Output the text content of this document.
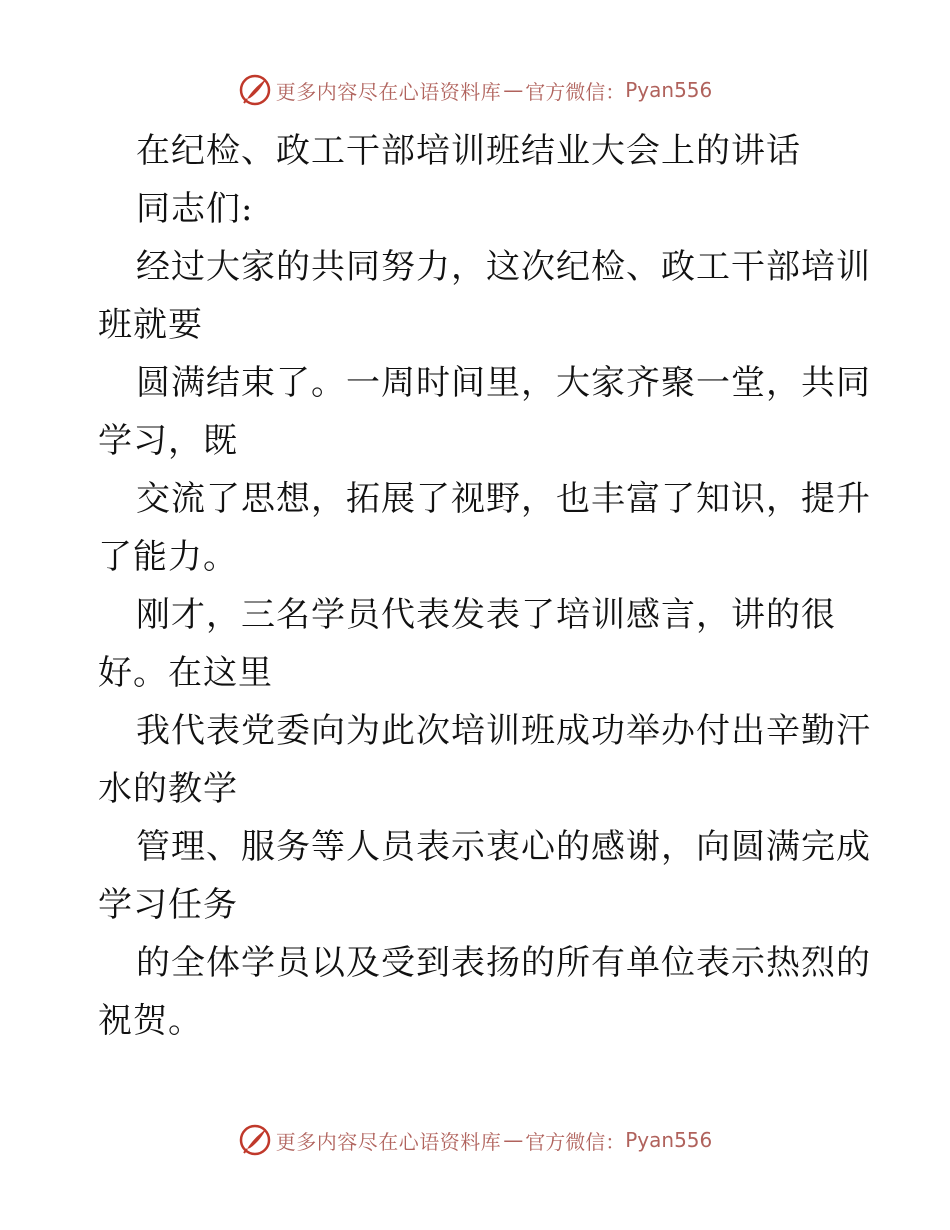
更多内容尽在心语资料库 — 官方微信： Pyan556
在纪检、政工干部培训班结业大会上的讲话
同志们:
经过大家的共同努力，这次纪检、政工干部培训
班就要
圆满结束了。一周时间里，大家齐聚一堂，共同
学习，既
交流了思想，拓展了视野，也丰富了知识，提升
了能力。
刚才，三名学员代表发表了培训感言，讲的很
好。在这里
我代表党委向为此次培训班成功举办付出辛勤汗
水的教学
管理、服务等人员表示衷心的感谢，向圆满完成
学习任务
的全体学员以及受到表扬的所有单位表示热烈的
祝贺。
更多内容尽在心语资料库 — 官方微信： Pyan556
